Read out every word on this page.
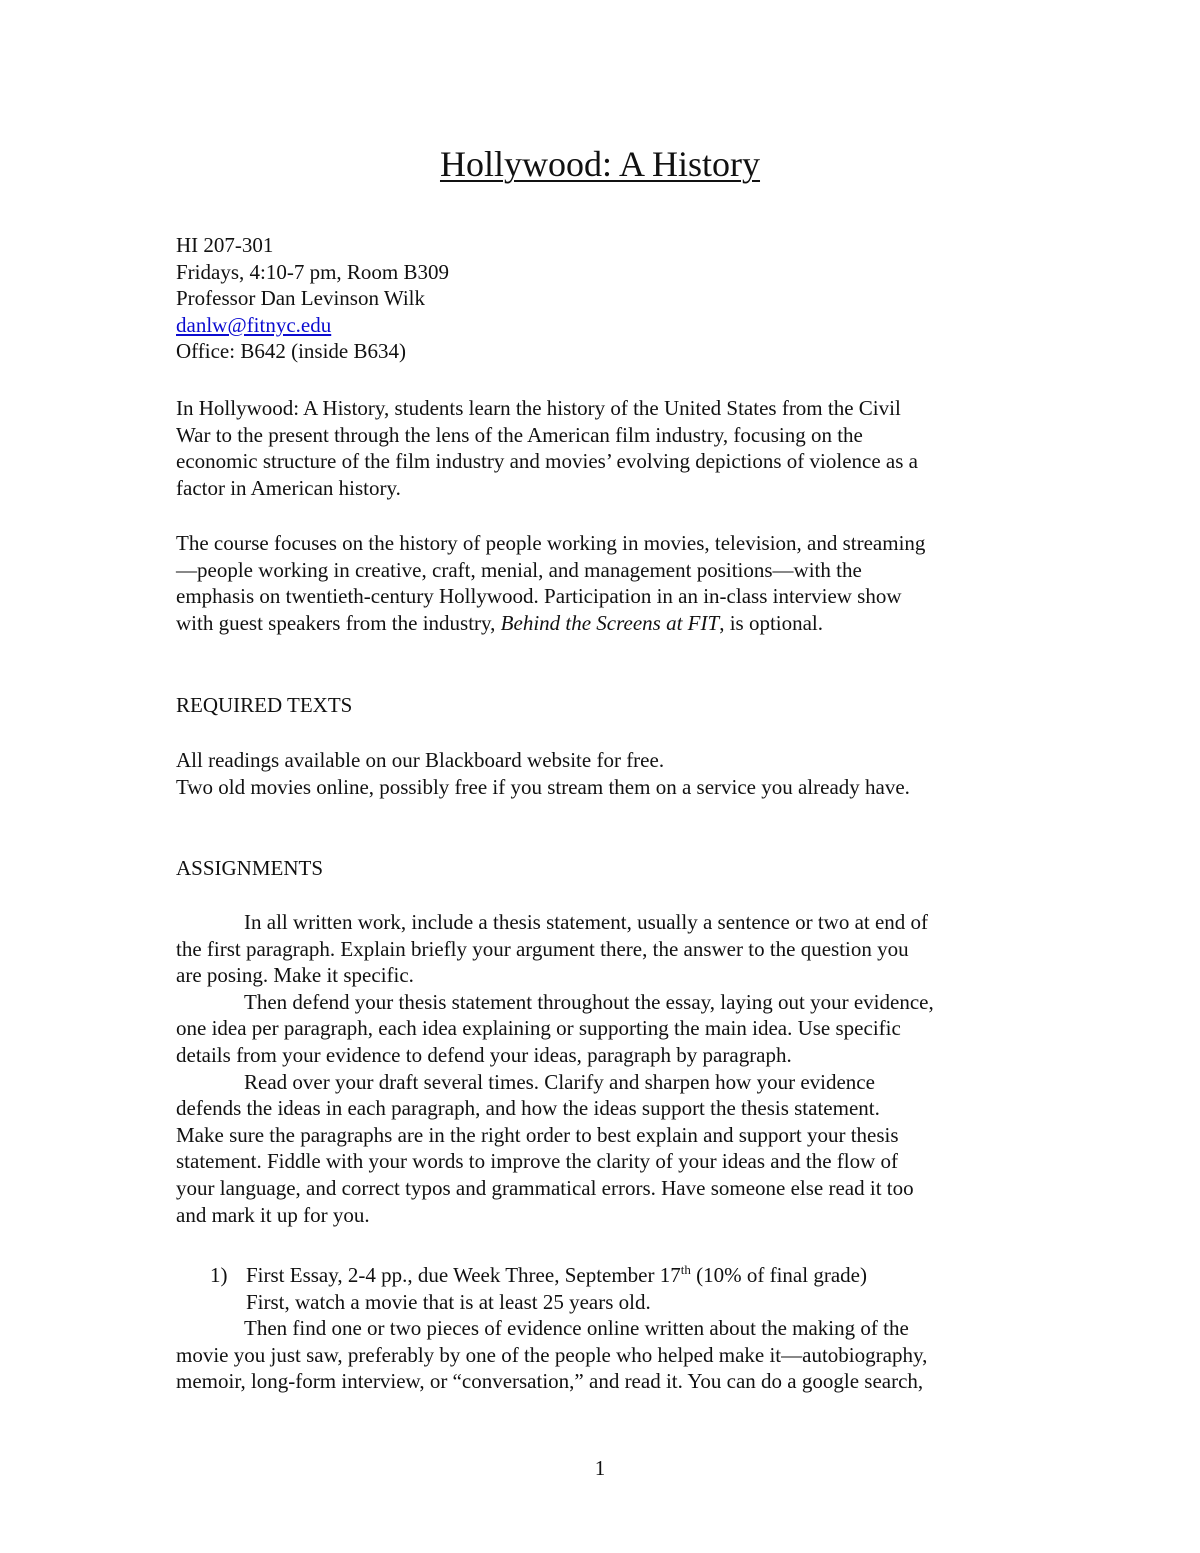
Hollywood: A History
HI 207-301
Fridays, 4:10-7 pm, Room B309
Professor Dan Levinson Wilk
danlw@fitnyc.edu
Office: B642 (inside B634)
In Hollywood: A History, students learn the history of the United States from the Civil
War to the present through the lens of the American film industry, focusing on the
economic structure of the film industry and movies’ evolving depictions of violence as a
factor in American history.
The course focuses on the history of people working in movies, television, and streaming
—people working in creative, craft, menial, and management positions—with the
emphasis on twentieth-century Hollywood. Participation in an in-class interview show
with guest speakers from the industry, Behind the Screens at FIT, is optional.
REQUIRED TEXTS
All readings available on our Blackboard website for free.
Two old movies online, possibly free if you stream them on a service you already have.
ASSIGNMENTS
In all written work, include a thesis statement, usually a sentence or two at end of
the first paragraph. Explain briefly your argument there, the answer to the question you
are posing. Make it specific.
Then defend your thesis statement throughout the essay, laying out your evidence,
one idea per paragraph, each idea explaining or supporting the main idea. Use specific
details from your evidence to defend your ideas, paragraph by paragraph.
Read over your draft several times. Clarify and sharpen how your evidence
defends the ideas in each paragraph, and how the ideas support the thesis statement.
Make sure the paragraphs are in the right order to best explain and support your thesis
statement. Fiddle with your words to improve the clarity of your ideas and the flow of
your language, and correct typos and grammatical errors. Have someone else read it too
and mark it up for you.
1) First Essay, 2-4 pp., due Week Three, September 17th (10% of final grade)
First, watch a movie that is at least 25 years old.
Then find one or two pieces of evidence online written about the making of the
movie you just saw, preferably by one of the people who helped make it—autobiography,
memoir, long-form interview, or “conversation,” and read it. You can do a google search,
1
